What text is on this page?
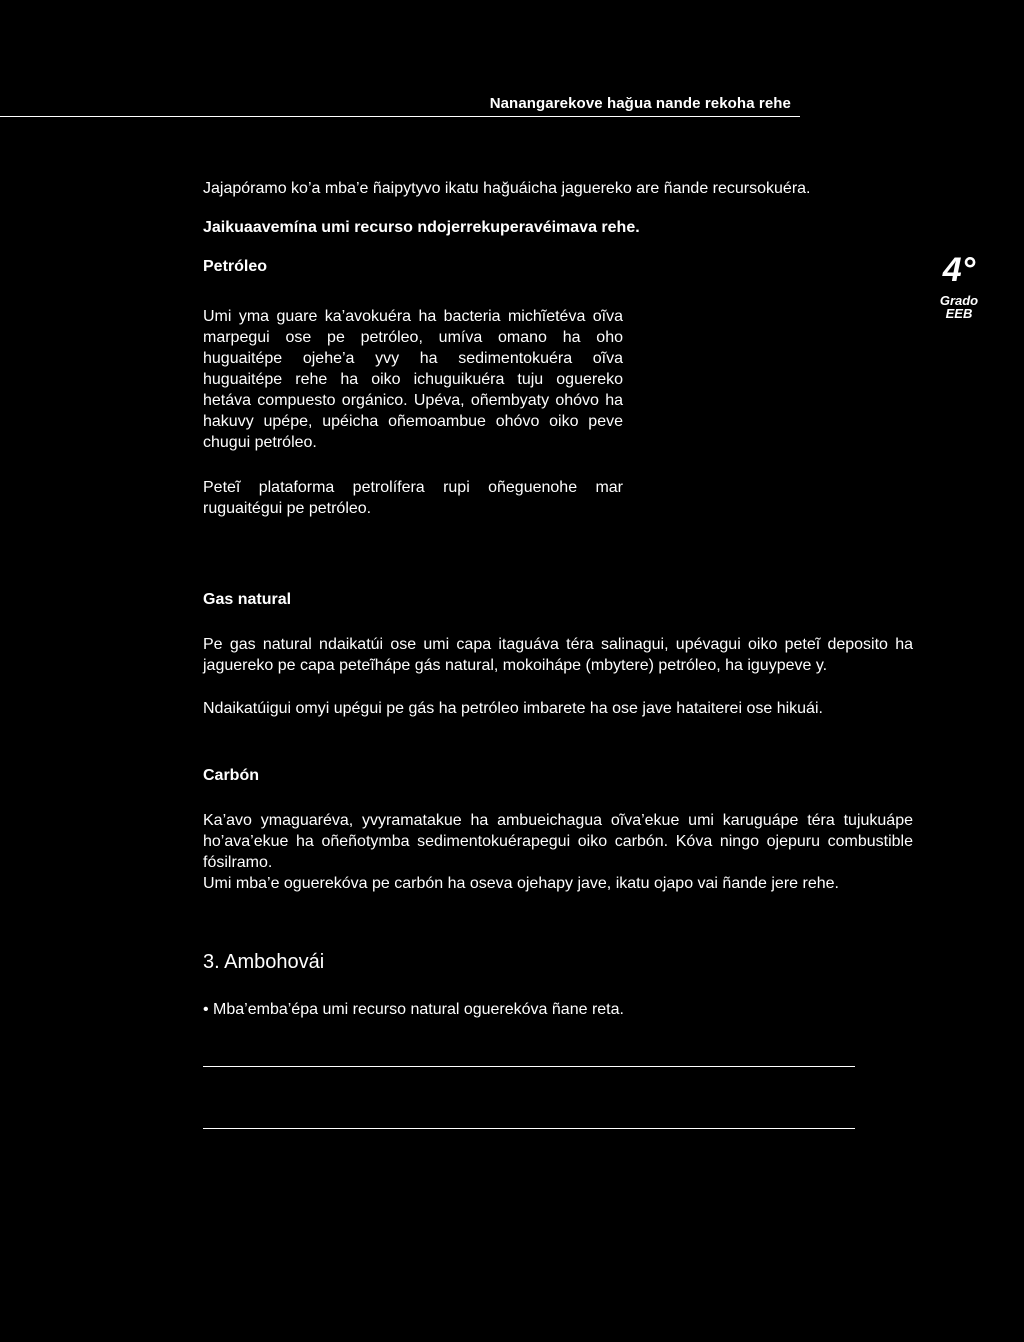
Nanangarekove hağua nande rekoha rehe
4°
Grado
EEB

Jajapóramo ko’a mba’e ñaipytyvo ikatu hağuáicha jaguereko are ñande recursokuéra.

Jaikuaavemína umi recurso ndojerrekuperavéimava rehe.

Petróleo

Umi yma guare ka’avokuéra ha bacteria michĩetéva oĩva marpegui ose pe petróleo, umíva omano ha oho huguaitépe ojehe’a yvy ha sedimentokuéra oĩva huguaitépe rehe ha oiko ichuguikuéra tuju oguereko hetáva compuesto orgánico. Upéva, oñembyaty ohóvo ha hakuvy upépe, upéicha oñemoambue ohóvo oiko peve chugui petróleo.

Peteĩ plataforma petrolífera rupi oñeguenohe mar ruguaitégui pe petróleo.

Gas natural

Pe gas natural ndaikatúi ose umi capa itaguáva téra salinagui, upévagui oiko peteĩ deposito ha jaguereko pe capa peteĩhápe gás natural, mokoihápe (mbytere) petróleo, ha iguypeve y.

Ndaikatúigui omyi upégui pe gás ha petróleo imbarete ha ose jave hataiterei ose hikuái.

Carbón

Ka’avo ymaguaréva, yvyramatakue ha ambueichagua oĩva’ekue umi karuguápe téra tujukuápe ho’ava’ekue ha oñeñotymba sedimentokuérapegui oiko carbón. Kóva ningo ojepuru combustible fósilramo.

Umi mba’e oguerekóva pe carbón ha oseva ojehapy jave, ikatu ojapo vai ñande jere rehe.

3. Ambohovái

• Mba’emba’épa umi recurso natural oguerekóva ñane reta.
